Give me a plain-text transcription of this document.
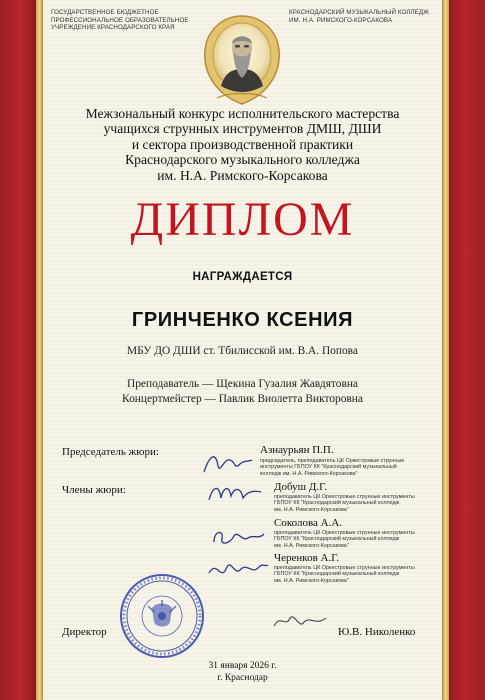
ГОСУДАРСТВЕННОЕ БЮДЖЕТНОЕ
ПРОФЕССИОНАЛЬНОЕ ОБРАЗОВАТЕЛЬНОЕ
УЧРЕЖДЕНИЕ КРАСНОДАРСКОГО КРАЯ
КРАСНОДАРСКИЙ МУЗЫКАЛЬНЫЙ КОЛЛЕДЖ
ИМ. Н.А. РИМСКОГО-КОРСАКОВА
Межзональный конкурс исполнительского мастерства
учащихся струнных инструментов ДМШ, ДШИ
и сектора производственной практики
Краснодарского музыкального колледжа
им. Н.А. Римского-Корсакова
ДИПЛОМ
НАГРАЖДАЕТСЯ
ГРИНЧЕНКО КСЕНИЯ
МБУ ДО ДШИ ст. Тбилисской им. В.А. Попова
Преподаватель — Щекина Гузалия Жавдятовна
Концертмейстер — Павлик Виолетта Викторовна
Председатель жюри:
Члены жюри:
Азнаурьян П.П.
председатель, преподаватель ЦК Оркестровые струнные
инструменты ГБПОУ КК "Краснодарский музыкальный
колледж им. Н.А. Римского-Корсакова"
Добуш Д.Г.
преподаватель ЦК Оркестровые струнные инструменты
ГБПОУ КК "Краснодарский музыкальный колледж
им. Н.А. Римского-Корсакова"
Соколова А.А.
преподаватель ЦК Оркестровые струнные инструменты
ГБПОУ КК "Краснодарский музыкальный колледж
им. Н.А. Римского-Корсакова"
Черенков А.Г.
преподаватель ЦК Оркестровые струнные инструменты
ГБПОУ КК "Краснодарский музыкальный колледж
им. Н.А. Римского-Корсакова"
Директор	Ю.В. Николенко
31 января 2026 г.
г. Краснодар
